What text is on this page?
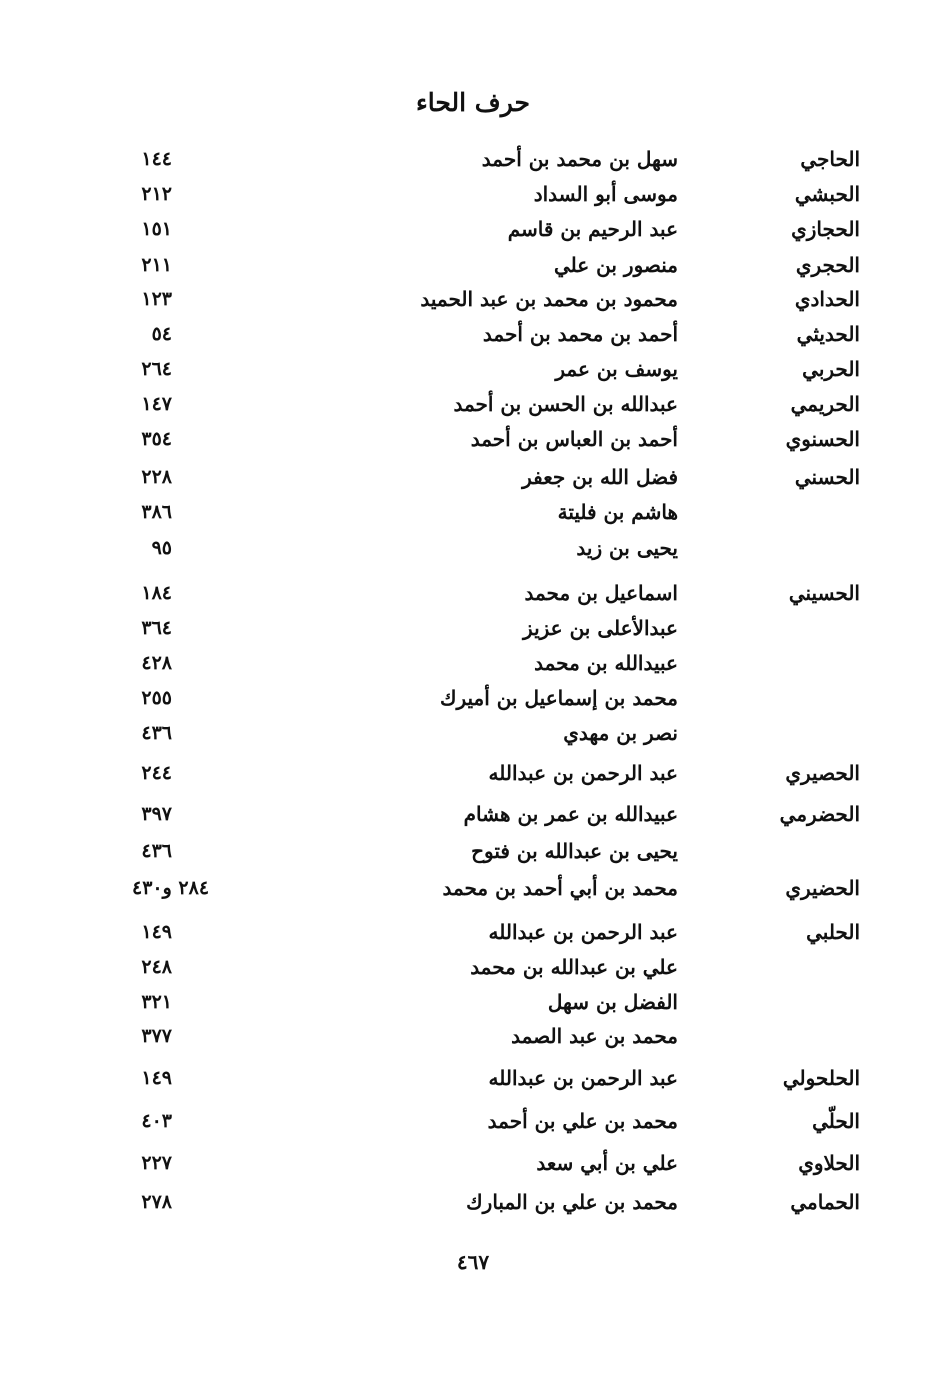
حرف الحاء
الحاجي
سهل بن محمد بن أحمد
١٤٤
الحبشي
موسى أبو السداد
٢١٢
الحجازي
عبد الرحيم بن قاسم
١٥١
الحجري
منصور بن علي
٢١١
الحدادي
محمود بن محمد بن عبد الحميد
١٢٣
الحديثي
أحمد بن محمد بن أحمد
٥٤
الحربي
يوسف بن عمر
٢٦٤
الحريمي
عبدالله بن الحسن بن أحمد
١٤٧
الحسنوي
أحمد بن العباس بن أحمد
٣٥٤
الحسني
فضل الله بن جعفر
٢٢٨
هاشم بن فليتة
٣٨٦
يحيى بن زيد
٩٥
الحسيني
اسماعيل بن محمد
١٨٤
عبدالأعلى بن عزيز
٣٦٤
عبيدالله بن محمد
٤٢٨
محمد بن إسماعيل بن أميرك
٢٥٥
نصر بن مهدي
٤٣٦
الحصيري
عبد الرحمن بن عبدالله
٢٤٤
الحضرمي
عبيدالله بن عمر بن هشام
٣٩٧
يحيى بن عبدالله بن فتوح
٤٣٦
الحضيري
محمد بن أبي أحمد بن محمد
٢٨٤ و٤٣٠
الحلبي
عبد الرحمن بن عبدالله
١٤٩
علي بن عبدالله بن محمد
٢٤٨
الفضل بن سهل
٣٢١
محمد بن عبد الصمد
٣٧٧
الحلحولي
عبد الرحمن بن عبدالله
١٤٩
الحلّي
محمد بن علي بن أحمد
٤٠٣
الحلاوي
علي بن أبي سعد
٢٢٧
الحمامي
محمد بن علي بن المبارك
٢٧٨
٤٦٧
